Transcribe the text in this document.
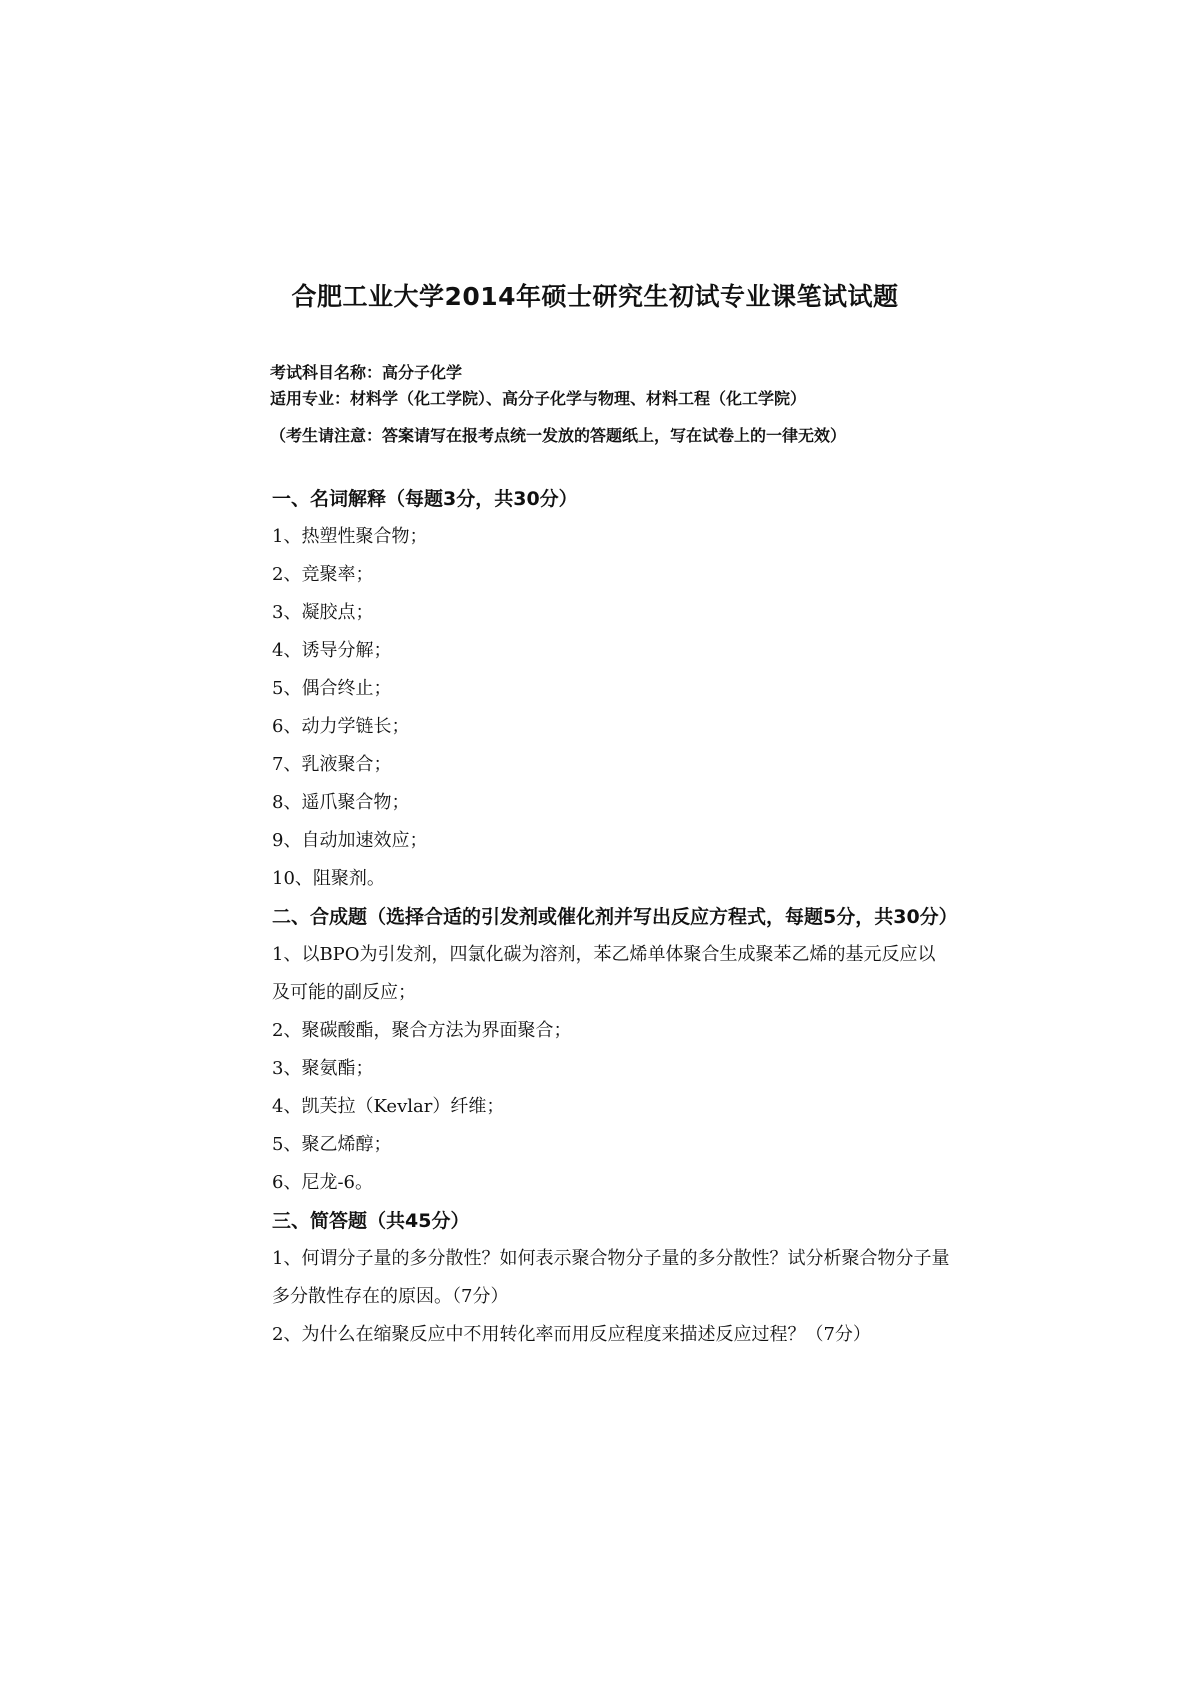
合肥工业大学2014年硕士研究生初试专业课笔试试题
考试科目名称：高分子化学
适用专业：材料学（化工学院）、高分子化学与物理、材料工程（化工学院）
（考生请注意：答案请写在报考点统一发放的答题纸上，写在试卷上的一律无效）

一、名词解释（每题3分，共30分）

1、热塑性聚合物；

2、竞聚率；

3、凝胶点；

4、诱导分解；

5、偶合终止；

6、动力学链长；

7、乳液聚合；

8、遥爪聚合物；

9、自动加速效应；

10、阻聚剂。

二、合成题（选择合适的引发剂或催化剂并写出反应方程式，每题5分，共30分）

1、以BPO为引发剂，四氯化碳为溶剂，苯乙烯单体聚合生成聚苯乙烯的基元反应以及可能的副反应；

2、聚碳酸酯，聚合方法为界面聚合；

3、聚氨酯；

4、凯芙拉（Kevlar）纤维；

5、聚乙烯醇；

6、尼龙-6。

三、简答题（共45分）

1、何谓分子量的多分散性？如何表示聚合物分子量的多分散性？试分析聚合物分子量多分散性存在的原因。（7分）

2、为什么在缩聚反应中不用转化率而用反应程度来描述反应过程？（7分）
